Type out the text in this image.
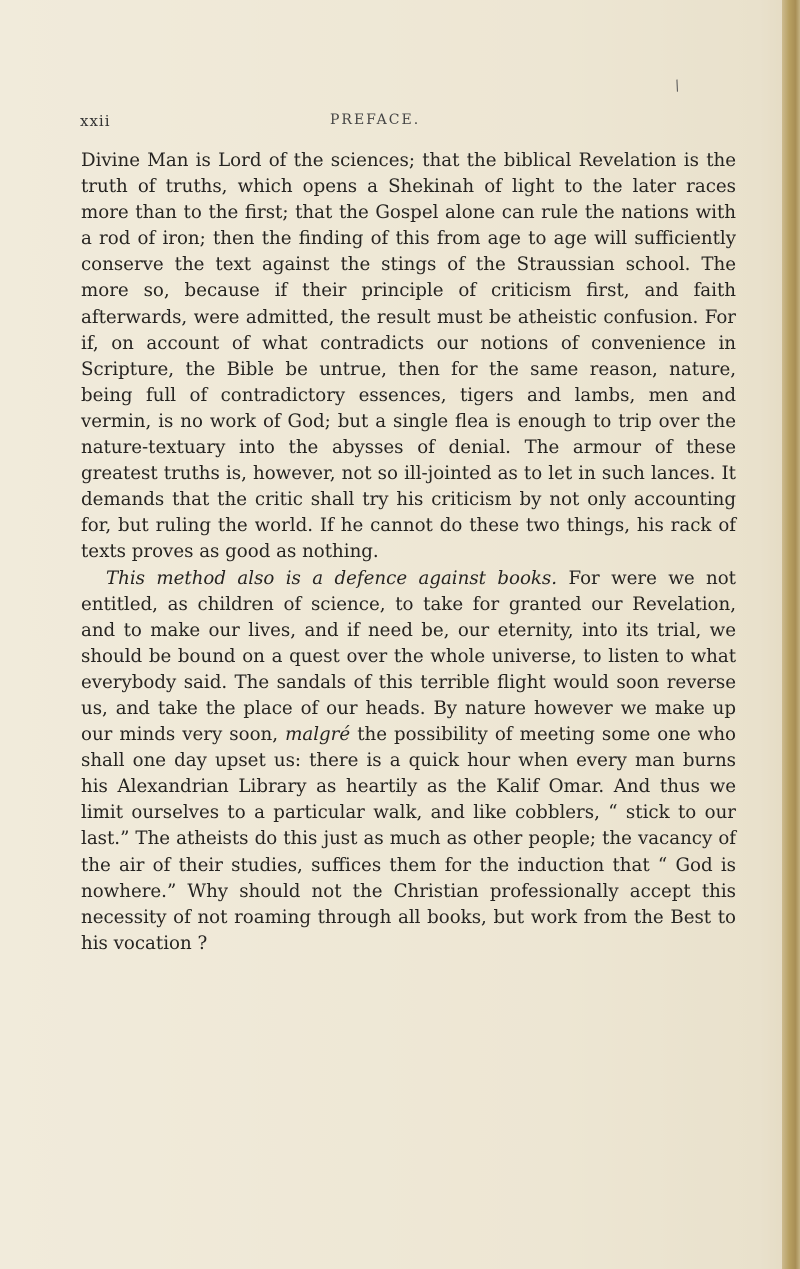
/
xxii	PREFACE.

Divine Man is Lord of the sciences; that the biblical Revelation is the truth of truths, which opens a Shekinah of light to the later races more than to the first; that the Gospel alone can rule the nations with a rod of iron; then the finding of this from age to age will sufficiently conserve the text against the stings of the Straussian school. The more so, because if their principle of criticism first, and faith afterwards, were admitted, the result must be atheistic confusion. For if, on account of what contradicts our notions of convenience in Scripture, the Bible be untrue, then for the same reason, nature, being full of contradictory essences, tigers and lambs, men and vermin, is no work of God; but a single flea is enough to trip over the nature-textuary into the abysses of denial. The armour of these greatest truths is, however, not so ill-jointed as to let in such lances. It demands that the critic shall try his criticism by not only accounting for, but ruling the world. If he cannot do these two things, his rack of texts proves as good as nothing.

This method also is a defence against books. For were we not entitled, as children of science, to take for granted our Revelation, and to make our lives, and if need be, our eternity, into its trial, we should be bound on a quest over the whole universe, to listen to what everybody said. The sandals of this terrible flight would soon reverse us, and take the place of our heads. By nature however we make up our minds very soon, malgré the possibility of meeting some one who shall one day upset us: there is a quick hour when every man burns his Alexandrian Library as heartily as the Kalif Omar. And thus we limit ourselves to a particular walk, and like cobblers, “ stick to our last.” The atheists do this just as much as other people; the vacancy of the air of their studies, suffices them for the induction that “ God is nowhere.” Why should not the Christian professionally accept this necessity of not roaming through all books, but work from the Best to his vocation ?
